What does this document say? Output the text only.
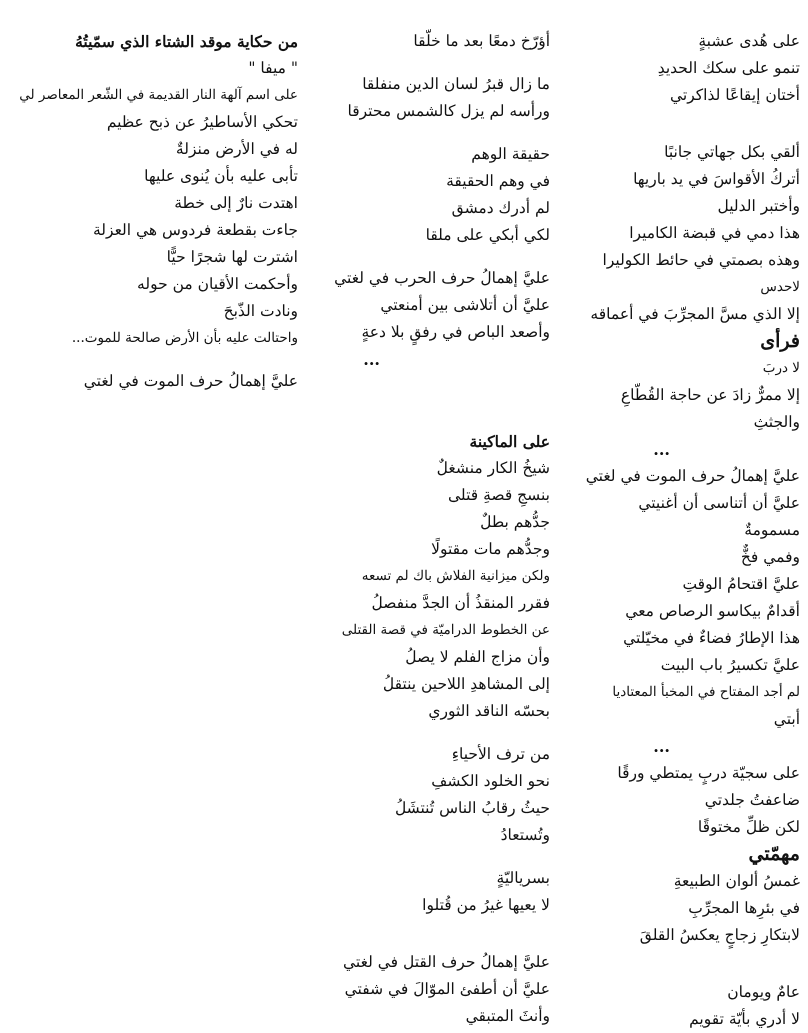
على هُدى عشبةٍ
تنمو على سكك الحديدِ
أختان إيقاعًا لذاكرتي
ألقي بكل جهاتي جانبًا
أتركُ الأقواسَ في يد باريها
وأختبر الدليل
هذا دمي في قبضة الكاميرا
وهذه بصمتي في حائط الكوليرا
لاحدس
إلا الذي مسَّ المجرِّبَ في أعماقه
فرأى
لا دربَ
إلا ممرٌّ زادَ عن حاجة القُطّاعِ
والجثثِ
...
عليَّ إهمالُ حرف الموت في لغتي
عليَّ أن أتناسى أن أغنيتي
مسمومةٌ
وفمي فخٌّ
عليَّ اقتحامُ الوقتِ
أقدامٌ بيكاسو الرصاص معي
هذا الإطارُ فضاءٌ في مخيّلتي
عليَّ تكسيرُ باب البيت
لم أجد المفتاح في المخبأ المعتاديا
أبتي
...
على سجيّة دربٍ يمتطي ورقًا
ضاعفتُ جلدتي
لكن ظلِّ مختوقًا
مهمّتي
غمسُ ألوان الطبيعةِ
في بئرِها المجرِّبِ
لابتكارِ زجاجٍ يعكسُ القلقَ
عامٌ ويومان
لا أدري بأيّة تقويم
أؤرّخ دمعًا بعد ما خلّقا
ما زال قبرُ لسان الدين منفلقا
ورأسه لم يزل كالشمس محترقا
حقيقة الوهم
في وهم الحقيقة
لم أدرك دمشق
لكي أبكي على ملقا
عليَّ إهمالُ حرف الحرب في لغتي
عليَّ أن أتلاشى بين أمنعتي
وأصعد الباص في رفقٍ بلا دعةٍ
...
على الماكينة
شيخُ الكار منشغلٌ
بنسجِ قصةِ قتلى
جدُّهم بطلٌ
وجدُّهم مات مقتولًا
ولكن ميزانية الفلاش باك لم تسعه
فقرر المنقذُ أن الجدَّ منفصلُ
عن الخطوط الدراميّة في قصة القتلى
وأن مزاج الفلم لا يصلُ
إلى المشاهدِ اللاحين ينتقلُ
بحسّه الناقد الثوري
من ترف الأحياءِ
نحو الخلود الكشفِ
حيثُ رقابُ الناس تُنتشَلُ
وتُستعادُ
بسرياليّةٍ
لا يعيها غيرُ من قُتلوا
عليَّ إهمالُ حرف القتل في لغتي
عليَّ أن أطفئ الموّالَ في شفتي
وأنثَ المتبقي
من حكاية موقد الشتاء الذي سمّيتُهُ
" ميفا "
على اسم آلهة النار القديمة في الشّعر المعاصر لي
تحكي الأساطيرُ عن ذبح عظيم
له في الأرض منزلةٌ
تأبى عليه بأن يُنوى عليها
اهتدت نارٌ إلى خطة
جاءت بقطعة فردوس هي العزلة
اشترت لها شجرًا حيًّا
وأحكمت الأقيان من حوله
ونادت الذّبحَ
واحتالت عليه بأن الأرض صالحة للموت...
عليَّ إهمالُ حرف الموت في لغتي
